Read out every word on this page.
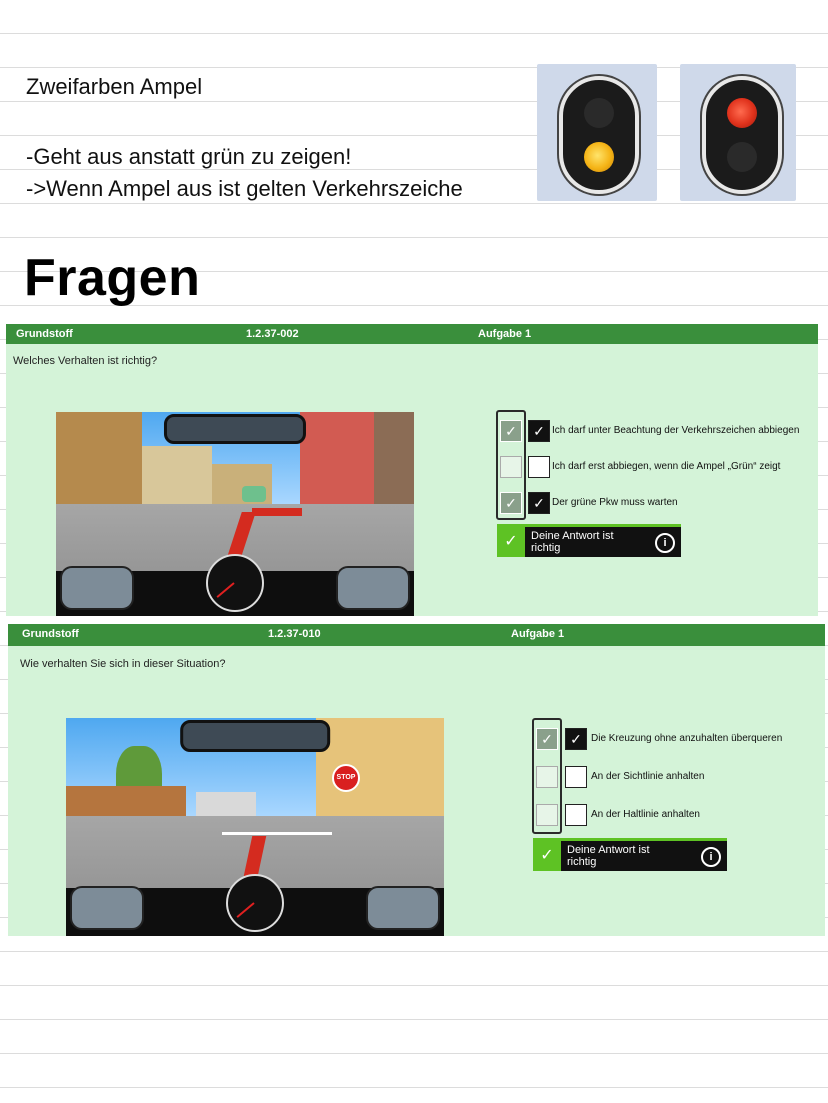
Zweifarben Ampel
-Geht aus anstatt grün zu zeigen!
->Wenn Ampel aus ist gelten Verkehrszeiche
Fragen
Grundstoff	1.2.37-002	Aufgabe 1
Welches Verhalten ist richtig?
✓	✓ Ich darf unter Beachtung der Verkehrszeichen abbiegen
Ich darf erst abbiegen, wenn die Ampel „Grün“ zeigt
✓	✓ Der grüne Pkw muss warten
✓	Deine Antwort ist richtig	i
Grundstoff	1.2.37-010	Aufgabe 1
Wie verhalten Sie sich in dieser Situation?
STOP
✓	✓ Die Kreuzung ohne anzuhalten überqueren
An der Sichtlinie anhalten
An der Haltlinie anhalten
✓	Deine Antwort ist richtig	i
